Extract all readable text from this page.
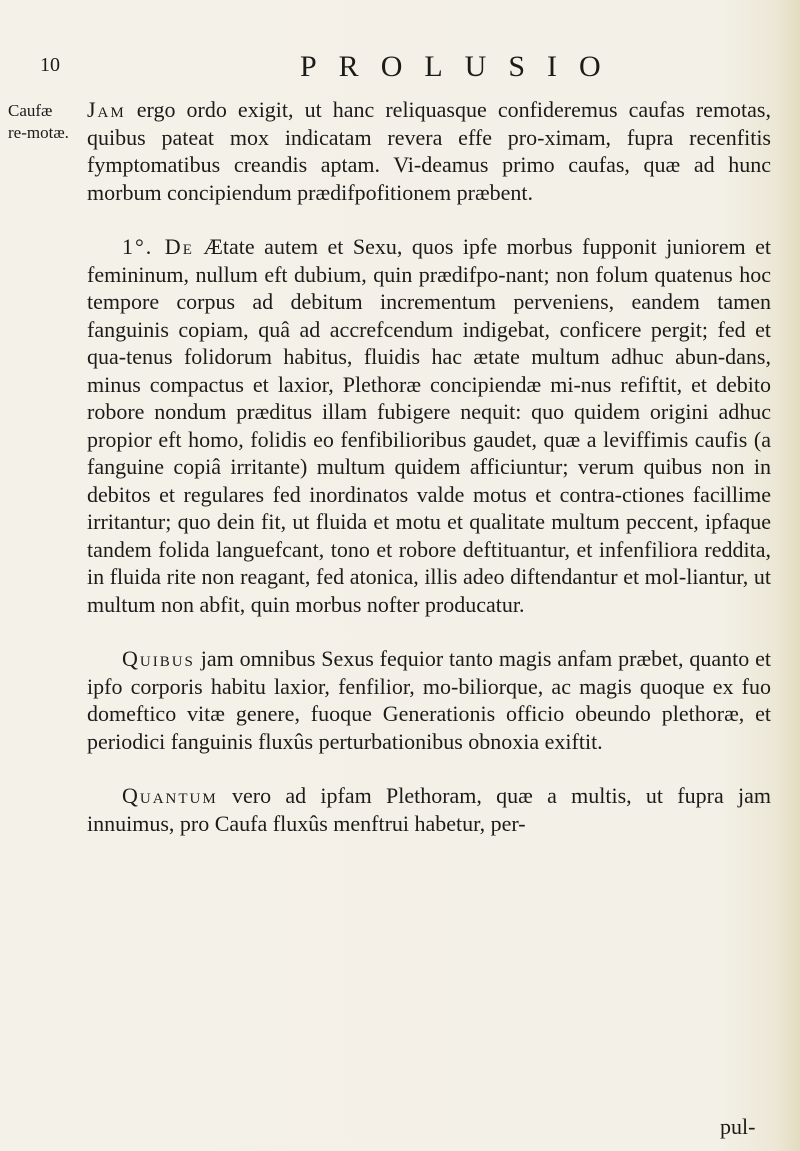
10	PROLUSIO
Caufæ re-motæ.

Jam ergo ordo exigit, ut hanc reliquasque confideremus caufas remotas, quibus pateat mox indicatam revera effe pro-ximam, fupra recenfitis fymptomatibus creandis aptam. Vi-deamus primo caufas, quæ ad hunc morbum concipiendum prædifpofitionem præbent.

1°. De Ætate autem et Sexu, quos ipfe morbus fupponit juniorem et femininum, nullum eft dubium, quin prædifpo-nant; non folum quatenus hoc tempore corpus ad debitum incrementum perveniens, eandem tamen fanguinis copiam, quâ ad accrefcendum indigebat, conficere pergit; fed et qua-tenus folidorum habitus, fluidis hac ætate multum adhuc abun-dans, minus compactus et laxior, Plethoræ concipiendæ mi-nus refiftit, et debito robore nondum præditus illam fubigere nequit: quo quidem origini adhuc propior eft homo, folidis eo fenfibilioribus gaudet, quæ a leviffimis caufis (a fanguine copiâ irritante) multum quidem afficiuntur; verum quibus non in debitos et regulares fed inordinatos valde motus et contra-ctiones facillime irritantur; quo dein fit, ut fluida et motu et qualitate multum peccent, ipfaque tandem folida languefcant, tono et robore deftituantur, et infenfiliora reddita, in fluida rite non reagant, fed atonica, illis adeo diftendantur et mol-liantur, ut multum non abfit, quin morbus nofter producatur.

Quibus jam omnibus Sexus fequior tanto magis anfam præbet, quanto et ipfo corporis habitu laxior, fenfilior, mo-biliorque, ac magis quoque ex fuo domeftico vitæ genere, fuoque Generationis officio obeundo plethoræ, et periodici fanguinis fluxûs perturbationibus obnoxia exiftit.

Quantum vero ad ipfam Plethoram, quæ a multis, ut fupra jam innuimus, pro Caufa fluxûs menftrui habetur, per-

pul-
